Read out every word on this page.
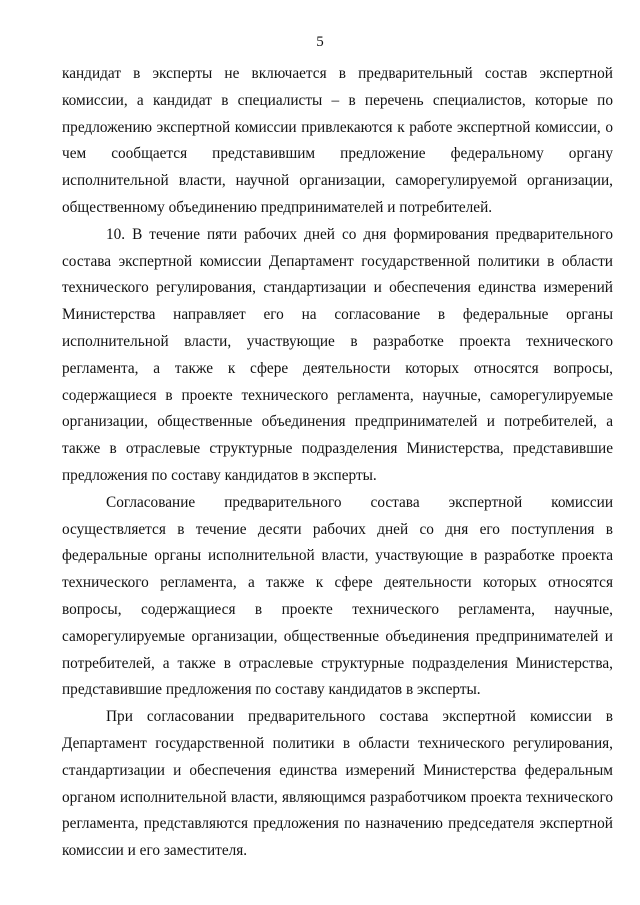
5

кандидат в эксперты не включается в предварительный состав экспертной комиссии, а кандидат в специалисты – в перечень специалистов, которые по предложению экспертной комиссии привлекаются к работе экспертной комиссии, о чем сообщается представившим предложение федеральному органу исполнительной власти, научной организации, саморегулируемой организации, общественному объединению предпринимателей и потребителей.

10. В течение пяти рабочих дней со дня формирования предварительного состава экспертной комиссии Департамент государственной политики в области технического регулирования, стандартизации и обеспечения единства измерений Министерства направляет его на согласование в федеральные органы исполнительной власти, участвующие в разработке проекта технического регламента, а также к сфере деятельности которых относятся вопросы, содержащиеся в проекте технического регламента, научные, саморегулируемые организации, общественные объединения предпринимателей и потребителей, а также в отраслевые структурные подразделения Министерства, представившие предложения по составу кандидатов в эксперты.

Согласование предварительного состава экспертной комиссии осуществляется в течение десяти рабочих дней со дня его поступления в федеральные органы исполнительной власти, участвующие в разработке проекта технического регламента, а также к сфере деятельности которых относятся вопросы, содержащиеся в проекте технического регламента, научные, саморегулируемые организации, общественные объединения предпринимателей и потребителей, а также в отраслевые структурные подразделения Министерства, представившие предложения по составу кандидатов в эксперты.

При согласовании предварительного состава экспертной комиссии в Департамент государственной политики в области технического регулирования, стандартизации и обеспечения единства измерений Министерства федеральным органом исполнительной власти, являющимся разработчиком проекта технического регламента, представляются предложения по назначению председателя экспертной комиссии и его заместителя.
